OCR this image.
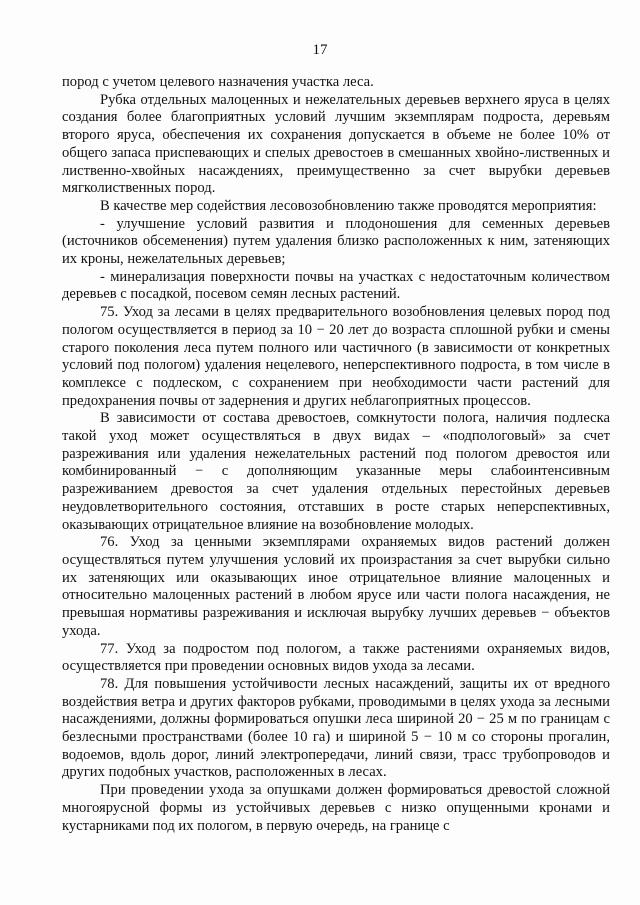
17

пород с учетом целевого назначения участка леса.

Рубка отдельных малоценных и нежелательных деревьев верхнего яруса в целях создания более благоприятных условий лучшим экземплярам подроста, деревьям второго яруса, обеспечения их сохранения допускается в объеме не более 10% от общего запаса приспевающих и спелых древостоев в смешанных хвойно-лиственных и лиственно-хвойных насаждениях, преимущественно за счет вырубки деревьев мягколиственных пород.

В качестве мер содействия лесовозобновлению также проводятся мероприятия:

- улучшение условий развития и плодоношения для семенных деревьев (источников обсеменения) путем удаления близко расположенных к ним, затеняющих их кроны, нежелательных деревьев;

- минерализация поверхности почвы на участках с недостаточным количеством деревьев с посадкой, посевом семян лесных растений.

75. Уход за лесами в целях предварительного возобновления целевых пород под пологом осуществляется в период за 10 − 20 лет до возраста сплошной рубки и смены старого поколения леса путем полного или частичного (в зависимости от конкретных условий под пологом) удаления нецелевого, неперспективного подроста, в том числе в комплексе с подлеском, с сохранением при необходимости части растений для предохранения почвы от задернения и других неблагоприятных процессов.

В зависимости от состава древостоев, сомкнутости полога, наличия подлеска такой уход может осуществляться в двух видах – «подпологовый» за счет разреживания или удаления нежелательных растений под пологом древостоя или комбинированный − с дополняющим указанные меры слабоинтенсивным разреживанием древостоя за счет удаления отдельных перестойных деревьев неудовлетворительного состояния, отставших в росте старых неперспективных, оказывающих отрицательное влияние на возобновление молодых.

76. Уход за ценными экземплярами охраняемых видов растений должен осуществляться путем улучшения условий их произрастания за счет вырубки сильно их затеняющих или оказывающих иное отрицательное влияние малоценных и относительно малоценных растений в любом ярусе или части полога насаждения, не превышая нормативы разреживания и исключая вырубку лучших деревьев − объектов ухода.

77. Уход за подростом под пологом, а также растениями охраняемых видов, осуществляется при проведении основных видов ухода за лесами.

78. Для повышения устойчивости лесных насаждений, защиты их от вредного воздействия ветра и других факторов рубками, проводимыми в целях ухода за лесными насаждениями, должны формироваться опушки леса шириной 20 − 25 м по границам с безлесными пространствами (более 10 га) и шириной 5 − 10 м со стороны прогалин, водоемов, вдоль дорог, линий электропередачи, линий связи, трасс трубопроводов и других подобных участков, расположенных в лесах.

При проведении ухода за опушками должен формироваться древостой сложной многоярусной формы из устойчивых деревьев с низко опущенными кронами и кустарниками под их пологом, в первую очередь, на границе с
